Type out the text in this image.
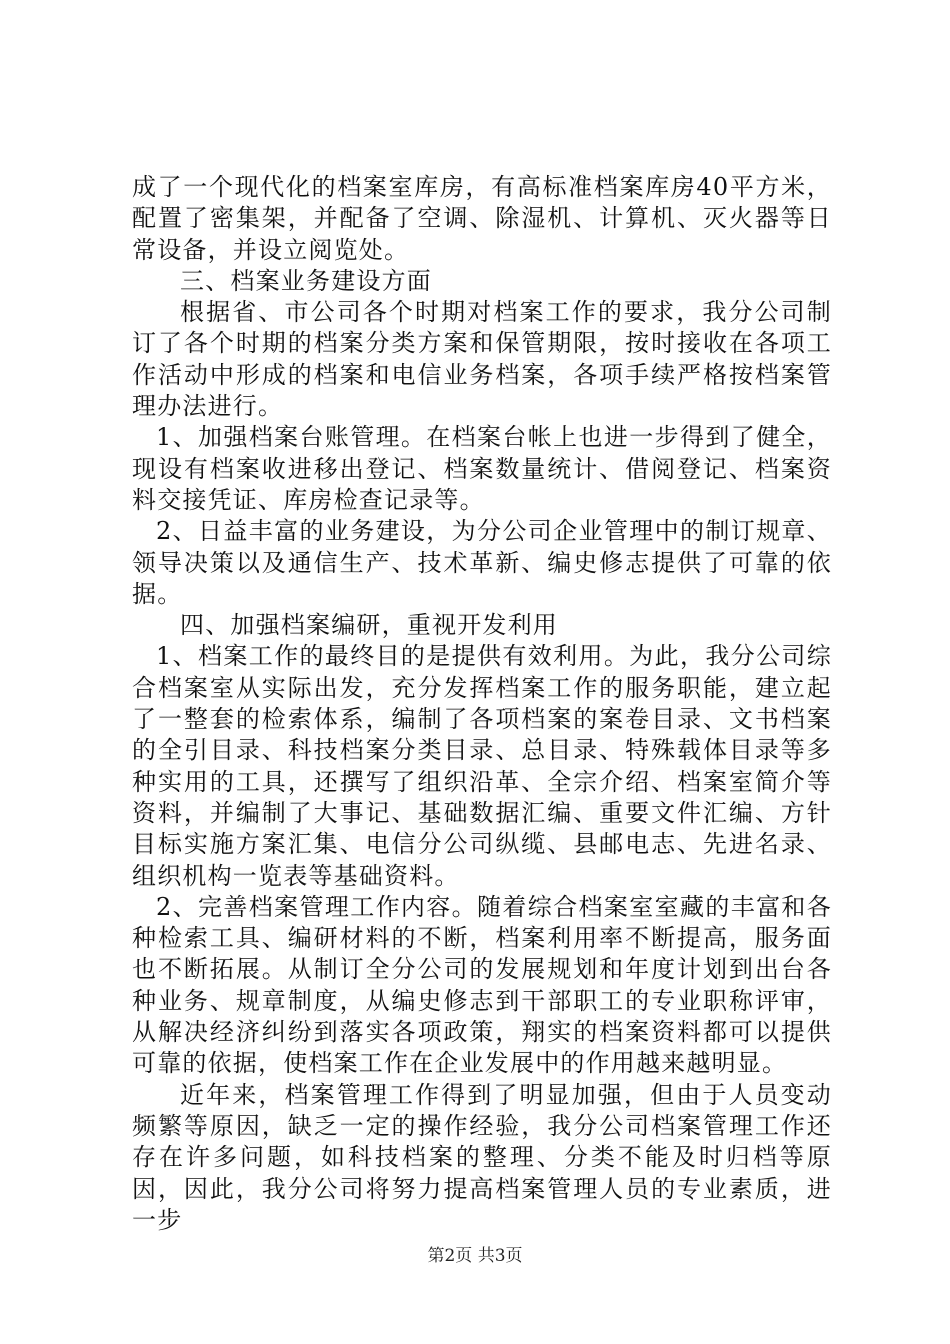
成了一个现代化的档案室库房，有高标准档案库房40平方米，配置了密集架，并配备了空调、除湿机、计算机、灭火器等日常设备，并设立阅览处。

三、档案业务建设方面

根据省、市公司各个时期对档案工作的要求，我分公司制订了各个时期的档案分类方案和保管期限，按时接收在各项工作活动中形成的档案和电信业务档案，各项手续严格按档案管理办法进行。

1、加强档案台账管理。在档案台帐上也进一步得到了健全，现设有档案收进移出登记、档案数量统计、借阅登记、档案资料交接凭证、库房检查记录等。

2、日益丰富的业务建设，为分公司企业管理中的制订规章、领导决策以及通信生产、技术革新、编史修志提供了可靠的依据。

四、加强档案编研，重视开发利用

1、档案工作的最终目的是提供有效利用。为此，我分公司综合档案室从实际出发，充分发挥档案工作的服务职能，建立起了一整套的检索体系，编制了各项档案的案卷目录、文书档案的全引目录、科技档案分类目录、总目录、特殊载体目录等多种实用的工具，还撰写了组织沿革、全宗介绍、档案室简介等资料，并编制了大事记、基础数据汇编、重要文件汇编、方针目标实施方案汇集、电信分公司纵缆、县邮电志、先进名录、组织机构一览表等基础资料。

2、完善档案管理工作内容。随着综合档案室室藏的丰富和各种检索工具、编研材料的不断，档案利用率不断提高，服务面也不断拓展。从制订全分公司的发展规划和年度计划到出台各种业务、规章制度，从编史修志到干部职工的专业职称评审，从解决经济纠纷到落实各项政策，翔实的档案资料都可以提供可靠的依据，使档案工作在企业发展中的作用越来越明显。

近年来，档案管理工作得到了明显加强，但由于人员变动频繁等原因，缺乏一定的操作经验，我分公司档案管理工作还存在许多问题，如科技档案的整理、分类不能及时归档等原因，因此，我分公司将努力提高档案管理人员的专业素质，进一步

第2页 共3页
